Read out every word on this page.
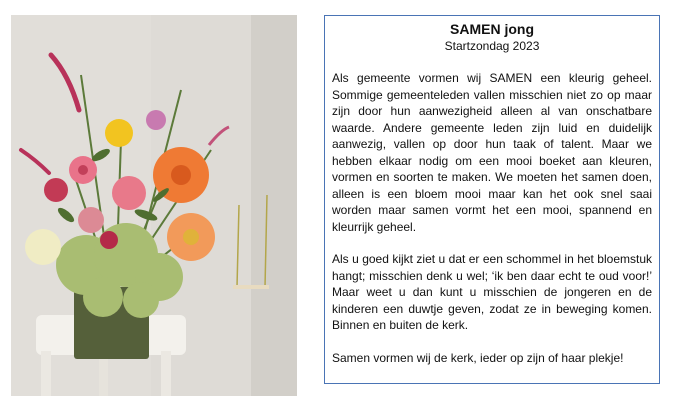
SAMEN jong
Startzondag 2023

Als gemeente vormen wij SAMEN een kleurig geheel. Sommige gemeenteleden vallen misschien niet zo op maar zijn door hun aanwezigheid alleen al van onschatbare waarde. Andere gemeente leden zijn luid en duidelijk aanwezig, vallen op door hun taak of talent. Maar we hebben elkaar nodig om een mooi boeket aan kleuren, vormen en soorten te maken. We moeten het samen doen, alleen is een bloem mooi maar kan het ook snel saai worden maar samen vormt het een mooi, spannend en kleurrijk geheel.

Als u goed kijkt ziet u dat er een schommel in het bloemstuk hangt; misschien denk u wel; ‘ik ben daar echt te oud voor!’ Maar weet u dan kunt u misschien de jongeren en de kinderen een duwtje geven, zodat ze in beweging komen. Binnen en buiten de kerk.

Samen vormen wij de kerk, ieder op zijn of haar plekje!
